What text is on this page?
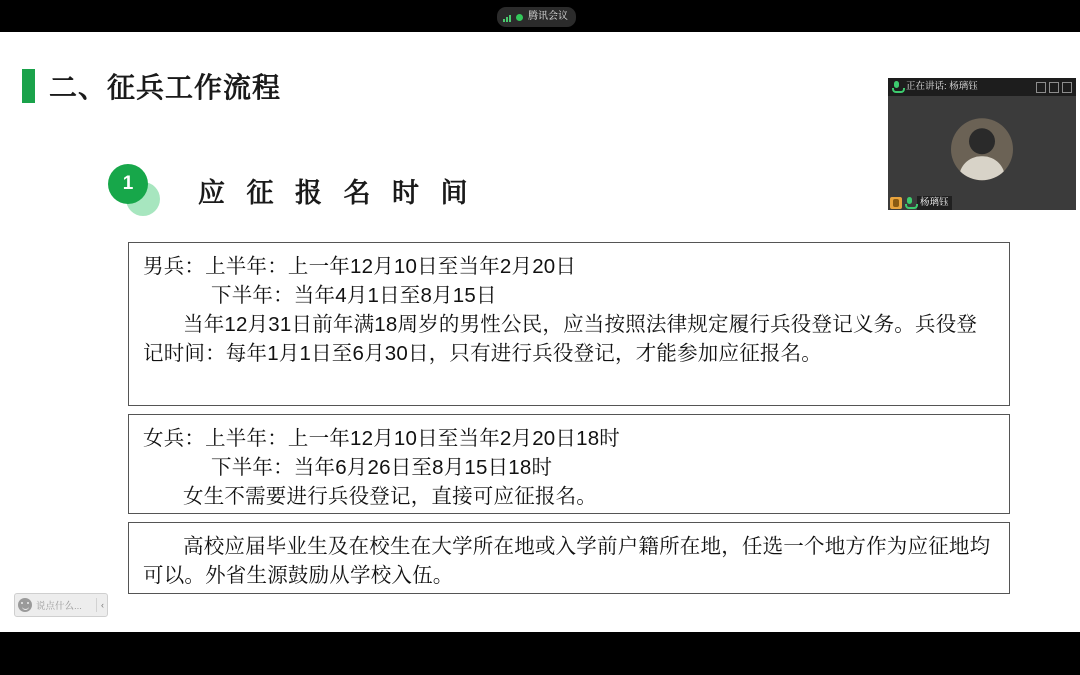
腾讯会议
二、征兵工作流程
1	应 征 报 名 时 间

男兵：上半年：上一年12月10日至当年2月20日

下半年：当年4月1日至8月15日

当年12月31日前年满18周岁的男性公民，应当按照法律规定履行兵役登记义务。兵役登记时间：每年1月1日至6月30日，只有进行兵役登记，才能参加应征报名。

女兵：上半年：上一年12月10日至当年2月20日18时

下半年：当年6月26日至8月15日18时

女生不需要进行兵役登记，直接可应征报名。

高校应届毕业生及在校生在大学所在地或入学前户籍所在地，任选一个地方作为应征地均可以。外省生源鼓励从学校入伍。

正在讲话: 杨璃钰
杨璃钰
说点什么...	‹
